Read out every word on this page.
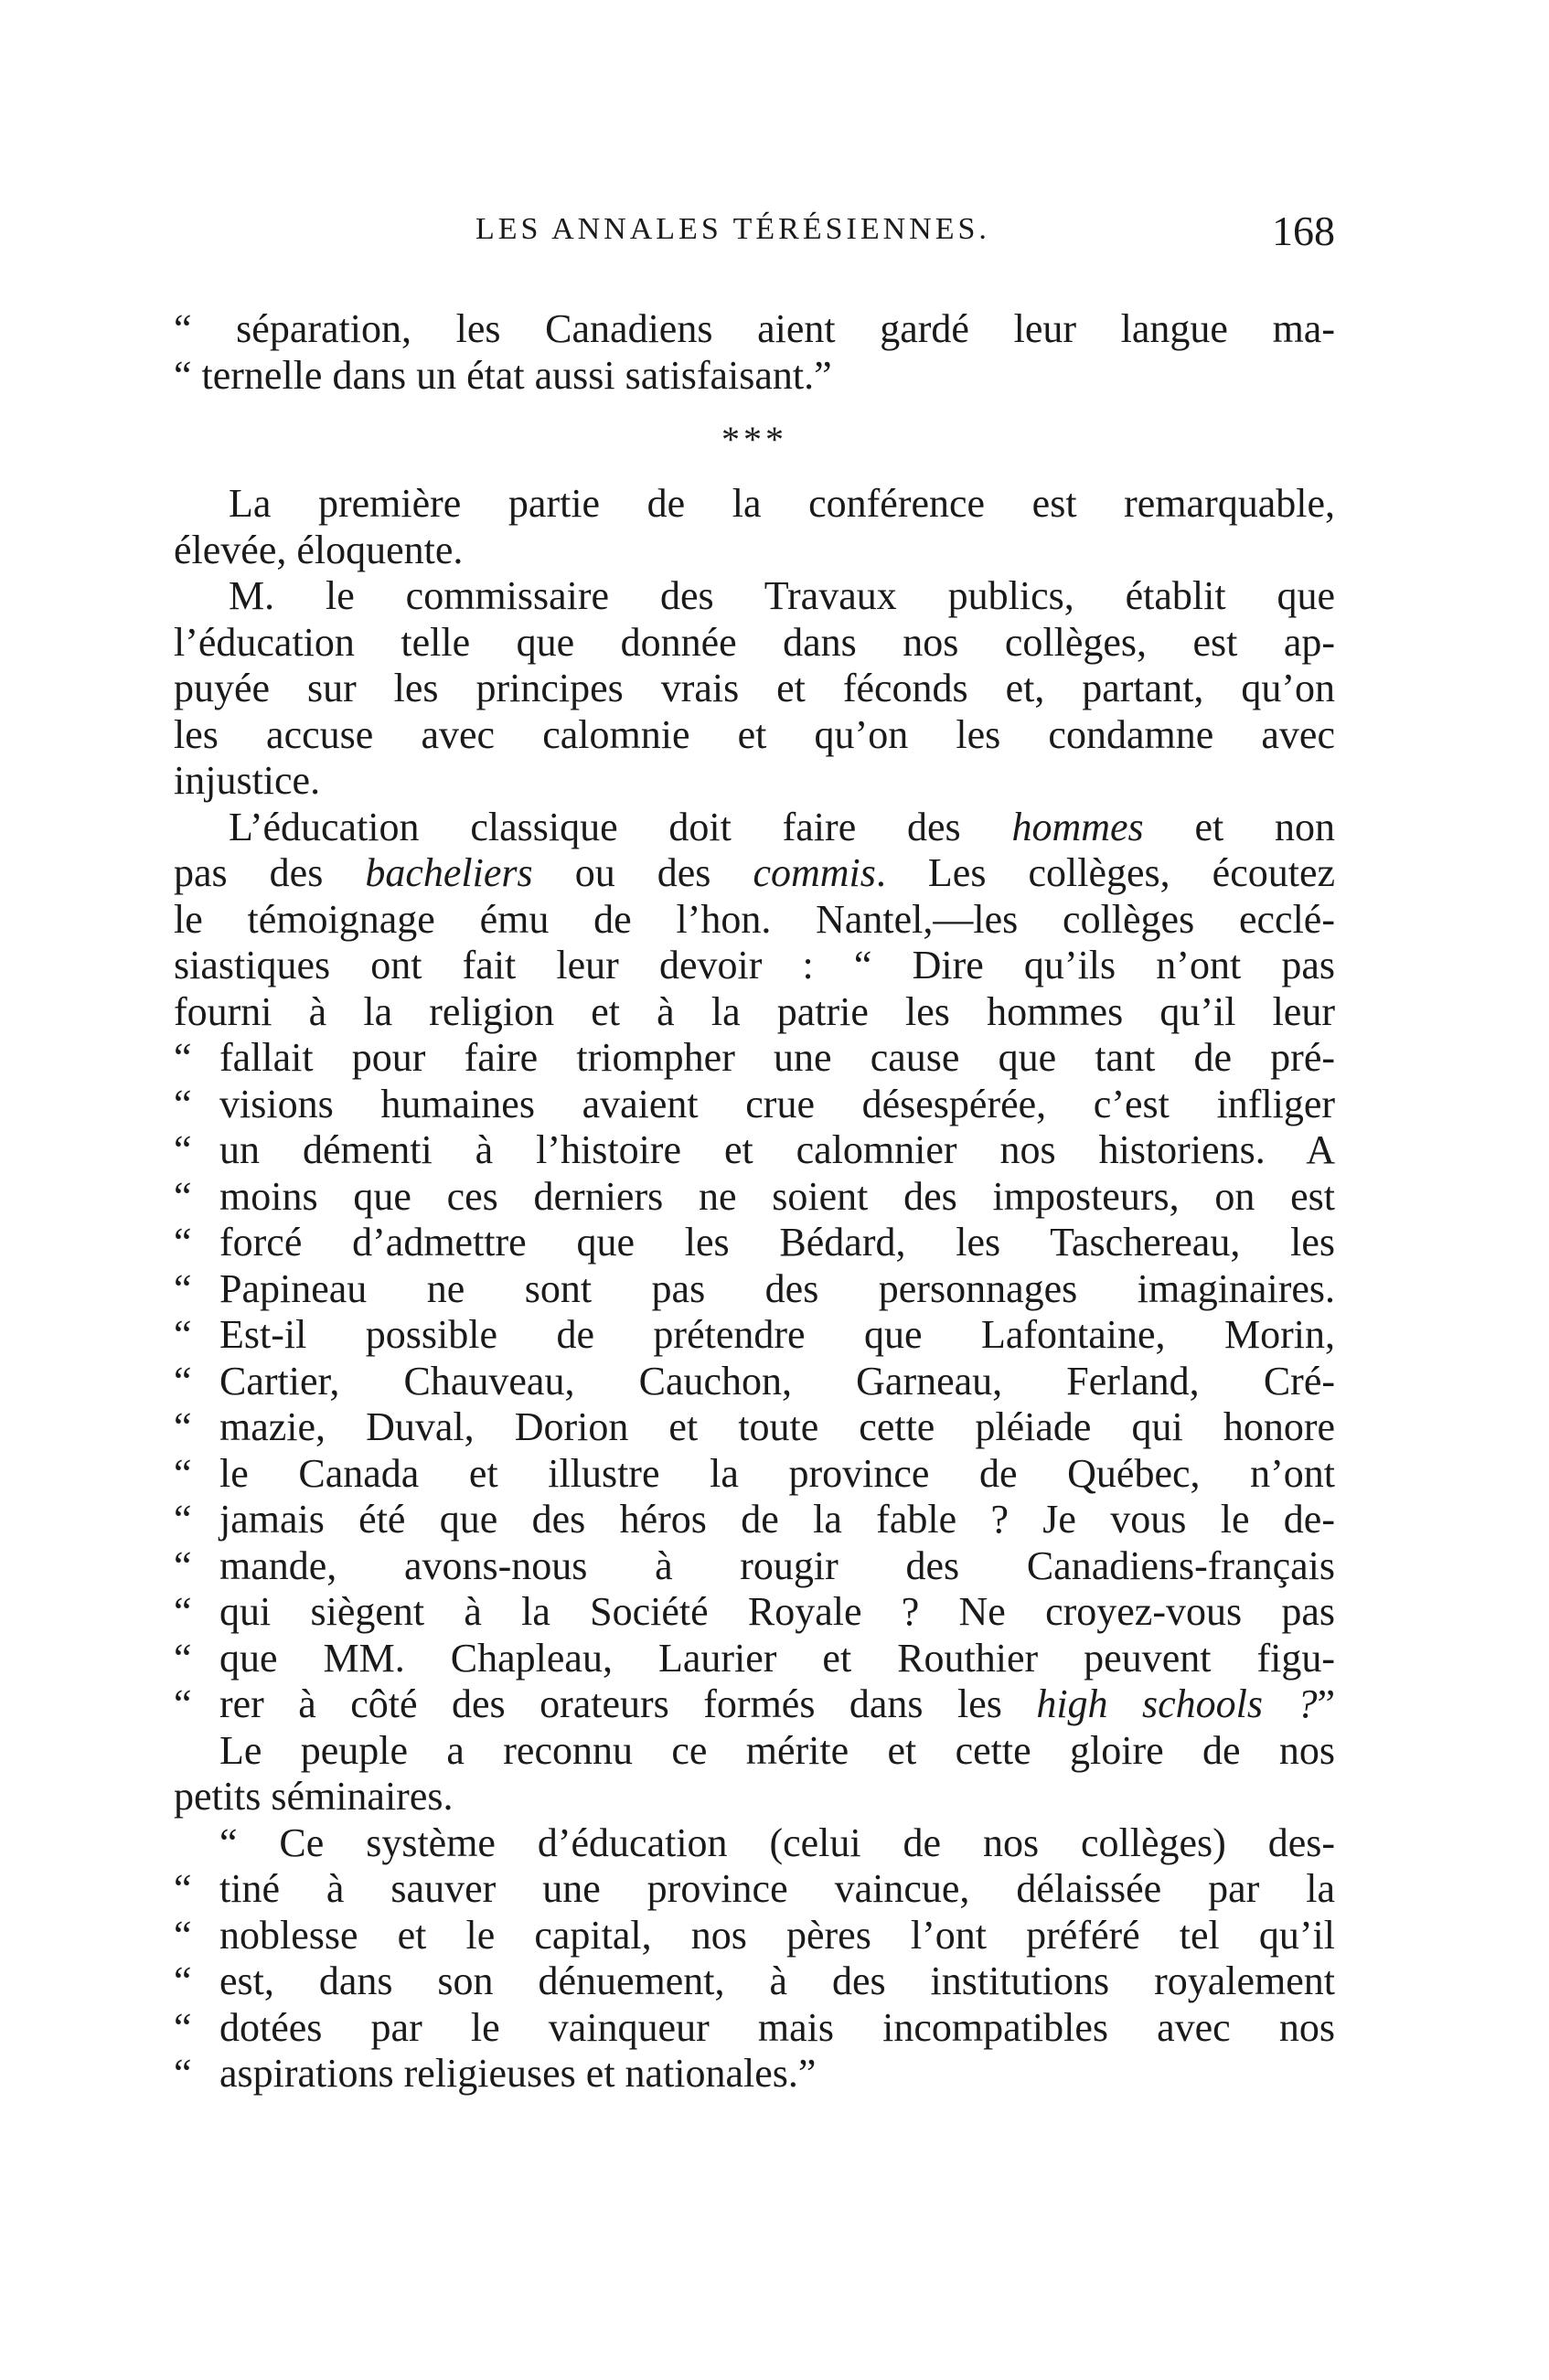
LES ANNALES TÉRÉSIENNES.	168
“ séparation, les Canadiens aient gardé leur langue ma-
“ ternelle dans un état aussi satisfaisant.”
***
La première partie de la conférence est remarquable,
élevée, éloquente.
M. le commissaire des Travaux publics, établit que
l’éducation telle que donnée dans nos collèges, est ap-
puyée sur les principes vrais et féconds et, partant, qu’on
les accuse avec calomnie et qu’on les condamne avec
injustice.
L’éducation classique doit faire des hommes et non
pas des bacheliers ou des commis. Les collèges, écoutez
le témoignage ému de l’hon. Nantel,—les collèges ecclé-
siastiques ont fait leur devoir : “ Dire qu’ils n’ont pas
fourni à la religion et à la patrie les hommes qu’il leur
“ fallait pour faire triompher une cause que tant de pré-
“ visions humaines avaient crue désespérée, c’est infliger
“ un démenti à l’histoire et calomnier nos historiens. A
“ moins que ces derniers ne soient des imposteurs, on est
“ forcé d’admettre que les Bédard, les Taschereau, les
“ Papineau ne sont pas des personnages imaginaires.
“ Est-il possible de prétendre que Lafontaine, Morin,
“ Cartier, Chauveau, Cauchon, Garneau, Ferland, Cré-
“ mazie, Duval, Dorion et toute cette pléiade qui honore
“ le Canada et illustre la province de Québec, n’ont
“ jamais été que des héros de la fable ? Je vous le de-
“ mande, avons-nous à rougir des Canadiens-français
“ qui siègent à la Société Royale ? Ne croyez-vous pas
“ que MM. Chapleau, Laurier et Routhier peuvent figu-
“ rer à côté des orateurs formés dans les high schools ?”
Le peuple a reconnu ce mérite et cette gloire de nos
petits séminaires.
“ Ce système d’éducation (celui de nos collèges) des-
“ tiné à sauver une province vaincue, délaissée par la
“ noblesse et le capital, nos pères l’ont préféré tel qu’il
“ est, dans son dénuement, à des institutions royalement
“ dotées par le vainqueur mais incompatibles avec nos
“ aspirations religieuses et nationales.”
